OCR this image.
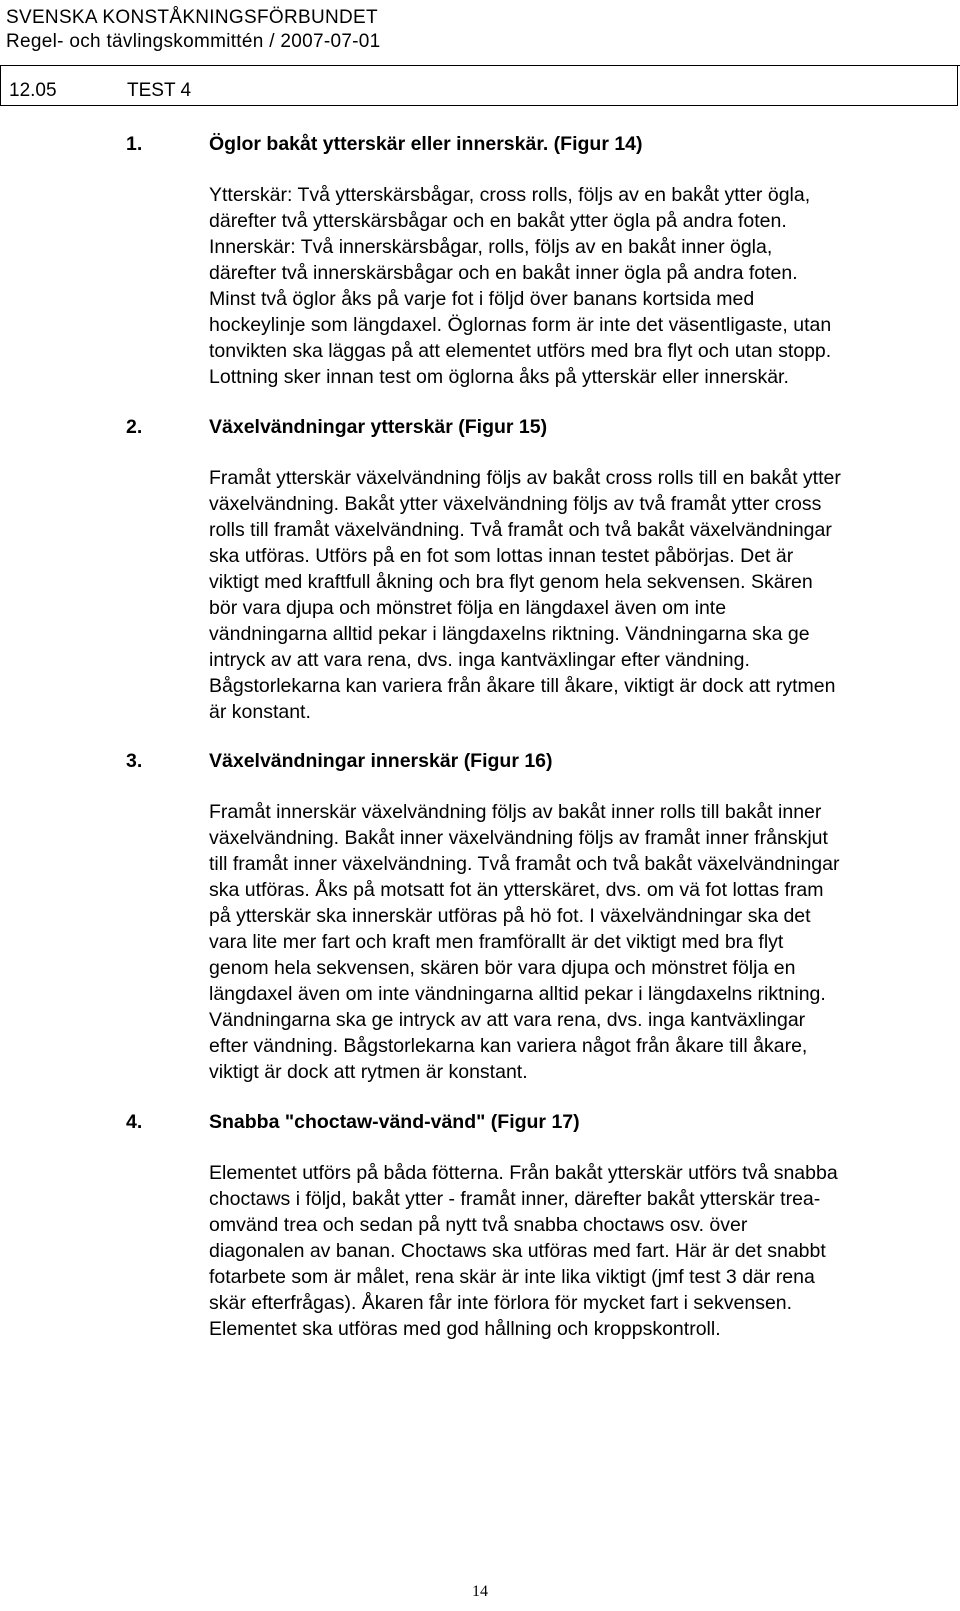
SVENSKA KONSTÅKNINGSFÖRBUNDET
Regel- och tävlingskommittén / 2007-07-01
12.05	TEST 4
1.	Öglor bakåt ytterskär eller innerskär. (Figur 14)
Ytterskär: Två ytterskärsbågar, cross rolls, följs av en bakåt ytter ögla,
därefter två ytterskärsbågar och en bakåt ytter ögla på andra foten.
Innerskär: Två innerskärsbågar, rolls, följs av en bakåt inner ögla,
därefter två innerskärsbågar och en bakåt inner ögla på andra foten.
Minst två öglor åks på varje fot i följd över banans kortsida med
hockeylinje som längdaxel. Öglornas form är inte det väsentligaste, utan
tonvikten ska läggas på att elementet utförs med bra flyt och utan stopp.
Lottning sker innan test om öglorna åks på ytterskär eller innerskär.
2.	Växelvändningar ytterskär (Figur 15)
Framåt ytterskär växelvändning följs av bakåt cross rolls till en bakåt ytter
växelvändning. Bakåt ytter växelvändning följs av två framåt ytter cross
rolls till framåt växelvändning. Två framåt och två bakåt växelvändningar
ska utföras. Utförs på en fot som lottas innan testet påbörjas. Det är
viktigt med kraftfull åkning och bra flyt genom hela sekvensen. Skären
bör vara djupa och mönstret följa en längdaxel även om inte
vändningarna alltid pekar i längdaxelns riktning. Vändningarna ska ge
intryck av att vara rena, dvs. inga kantväxlingar efter vändning.
Bågstorlekarna kan variera från åkare till åkare, viktigt är dock att rytmen
är konstant.
3.	Växelvändningar innerskär (Figur 16)
Framåt innerskär växelvändning följs av bakåt inner rolls till bakåt inner
växelvändning. Bakåt inner växelvändning följs av framåt inner frånskjut
till framåt inner växelvändning. Två framåt och två bakåt växelvändningar
ska utföras. Åks på motsatt fot än ytterskäret, dvs. om vä fot lottas fram
på ytterskär ska innerskär utföras på hö fot. I växelvändningar ska det
vara lite mer fart och kraft men framförallt är det viktigt med bra flyt
genom hela sekvensen, skären bör vara djupa och mönstret följa en
längdaxel även om inte vändningarna alltid pekar i längdaxelns riktning.
Vändningarna ska ge intryck av att vara rena, dvs. inga kantväxlingar
efter vändning. Bågstorlekarna kan variera något från åkare till åkare,
viktigt är dock att rytmen är konstant.
4.	Snabba "choctaw-vänd-vänd" (Figur 17)
Elementet utförs på båda fötterna. Från bakåt ytterskär utförs två snabba
choctaws i följd, bakåt ytter - framåt inner, därefter bakåt ytterskär trea-
omvänd trea och sedan på nytt två snabba choctaws osv. över
diagonalen av banan. Choctaws ska utföras med fart. Här är det snabbt
fotarbete som är målet, rena skär är inte lika viktigt (jmf test 3 där rena
skär efterfrågas). Åkaren får inte förlora för mycket fart i sekvensen.
Elementet ska utföras med god hållning och kroppskontroll.
14
